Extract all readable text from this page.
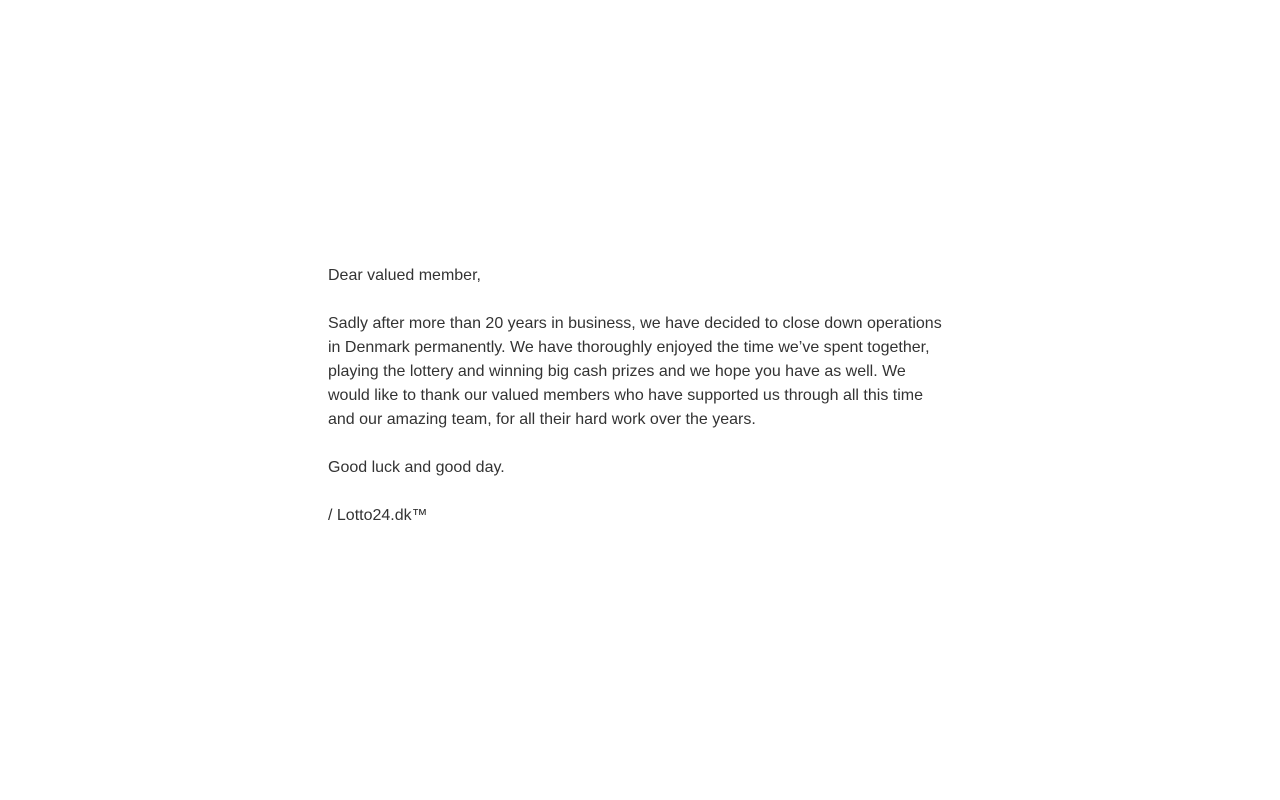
Dear valued member,

Sadly after more than 20 years in business, we have decided to close down operations in Denmark permanently. We have thoroughly enjoyed the time we’ve spent together, playing the lottery and winning big cash prizes and we hope you have as well. We would like to thank our valued members who have supported us through all this time and our amazing team, for all their hard work over the years.

Good luck and good day.

/ Lotto24.dk™
